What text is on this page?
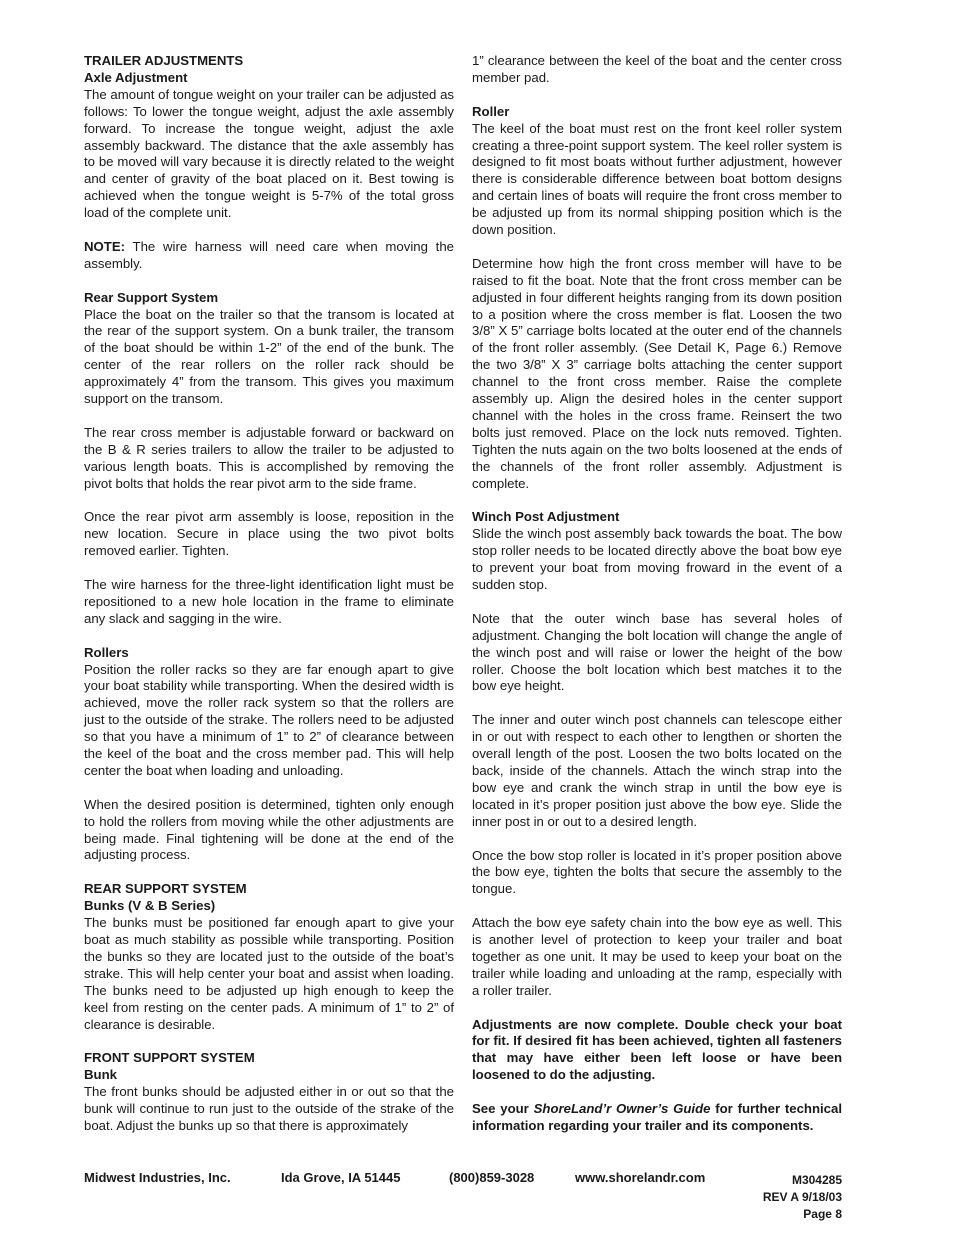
TRAILER ADJUSTMENTS

Axle Adjustment

The amount of tongue weight on your trailer can be adjusted as follows: To lower the tongue weight, adjust the axle assembly forward. To increase the tongue weight, adjust the axle assembly backward. The distance that the axle assembly has to be moved will vary because it is directly related to the weight and center of gravity of the boat placed on it. Best towing is achieved when the tongue weight is 5-7% of the total gross load of the complete unit.

NOTE: The wire harness will need care when moving the assembly.

Rear Support System

Place the boat on the trailer so that the transom is located at the rear of the support system. On a bunk trailer, the transom of the boat should be within 1-2” of the end of the bunk. The center of the rear rollers on the roller rack should be approximately 4” from the transom. This gives you maximum support on the transom.

The rear cross member is adjustable forward or backward on the B & R series trailers to allow the trailer to be adjusted to various length boats. This is accomplished by removing the pivot bolts that holds the rear pivot arm to the side frame.

Once the rear pivot arm assembly is loose, reposition in the new location. Secure in place using the two pivot bolts removed earlier. Tighten.

The wire harness for the three-light identification light must be repositioned to a new hole location in the frame to eliminate any slack and sagging in the wire.

Rollers

Position the roller racks so they are far enough apart to give your boat stability while transporting. When the desired width is achieved, move the roller rack system so that the rollers are just to the outside of the strake. The rollers need to be adjusted so that you have a minimum of 1” to 2” of clearance between the keel of the boat and the cross member pad. This will help center the boat when loading and unloading.

When the desired position is determined, tighten only enough to hold the rollers from moving while the other adjustments are being made. Final tightening will be done at the end of the adjusting process.

REAR SUPPORT SYSTEM

Bunks (V & B Series)

The bunks must be positioned far enough apart to give your boat as much stability as possible while transporting. Position the bunks so they are located just to the outside of the boat’s strake. This will help center your boat and assist when loading. The bunks need to be adjusted up high enough to keep the keel from resting on the center pads. A minimum of 1” to 2” of clearance is desirable.

FRONT SUPPORT SYSTEM

Bunk

The front bunks should be adjusted either in or out so that the bunk will continue to run just to the outside of the strake of the boat. Adjust the bunks up so that there is approximately

1” clearance between the keel of the boat and the center cross member pad.

Roller

The keel of the boat must rest on the front keel roller system creating a three-point support system. The keel roller system is designed to fit most boats without further adjustment, however there is considerable difference between boat bottom designs and certain lines of boats will require the front cross member to be adjusted up from its normal shipping position which is the down position.

Determine how high the front cross member will have to be raised to fit the boat. Note that the front cross member can be adjusted in four different heights ranging from its down position to a position where the cross member is flat. Loosen the two 3/8” X 5” carriage bolts located at the outer end of the channels of the front roller assembly. (See Detail K, Page 6.) Remove the two 3/8” X 3” carriage bolts attaching the center support channel to the front cross member. Raise the complete assembly up. Align the desired holes in the center support channel with the holes in the cross frame. Reinsert the two bolts just removed. Place on the lock nuts removed. Tighten. Tighten the nuts again on the two bolts loosened at the ends of the channels of the front roller assembly. Adjustment is complete.

Winch Post Adjustment

Slide the winch post assembly back towards the boat. The bow stop roller needs to be located directly above the boat bow eye to prevent your boat from moving froward in the event of a sudden stop.

Note that the outer winch base has several holes of adjustment. Changing the bolt location will change the angle of the winch post and will raise or lower the height of the bow roller. Choose the bolt location which best matches it to the bow eye height.

The inner and outer winch post channels can telescope either in or out with respect to each other to lengthen or shorten the overall length of the post. Loosen the two bolts located on the back, inside of the channels. Attach the winch strap into the bow eye and crank the winch strap in until the bow eye is located in it’s proper position just above the bow eye. Slide the inner post in or out to a desired length.

Once the bow stop roller is located in it’s proper position above the bow eye, tighten the bolts that secure the assembly to the tongue.

Attach the bow eye safety chain into the bow eye as well. This is another level of protection to keep your trailer and boat together as one unit. It may be used to keep your boat on the trailer while loading and unloading at the ramp, especially with a roller trailer.

Adjustments are now complete. Double check your boat for fit. If desired fit has been achieved, tighten all fasteners that may have either been left loose or have been loosened to do the adjusting.

See your ShoreLand’r Owner’s Guide for further technical information regarding your trailer and its components.

Midwest Industries, Inc.	Ida Grove, IA 51445	(800)859-3028	www.shorelandr.com	M304285
REV A 9/18/03
Page 8
